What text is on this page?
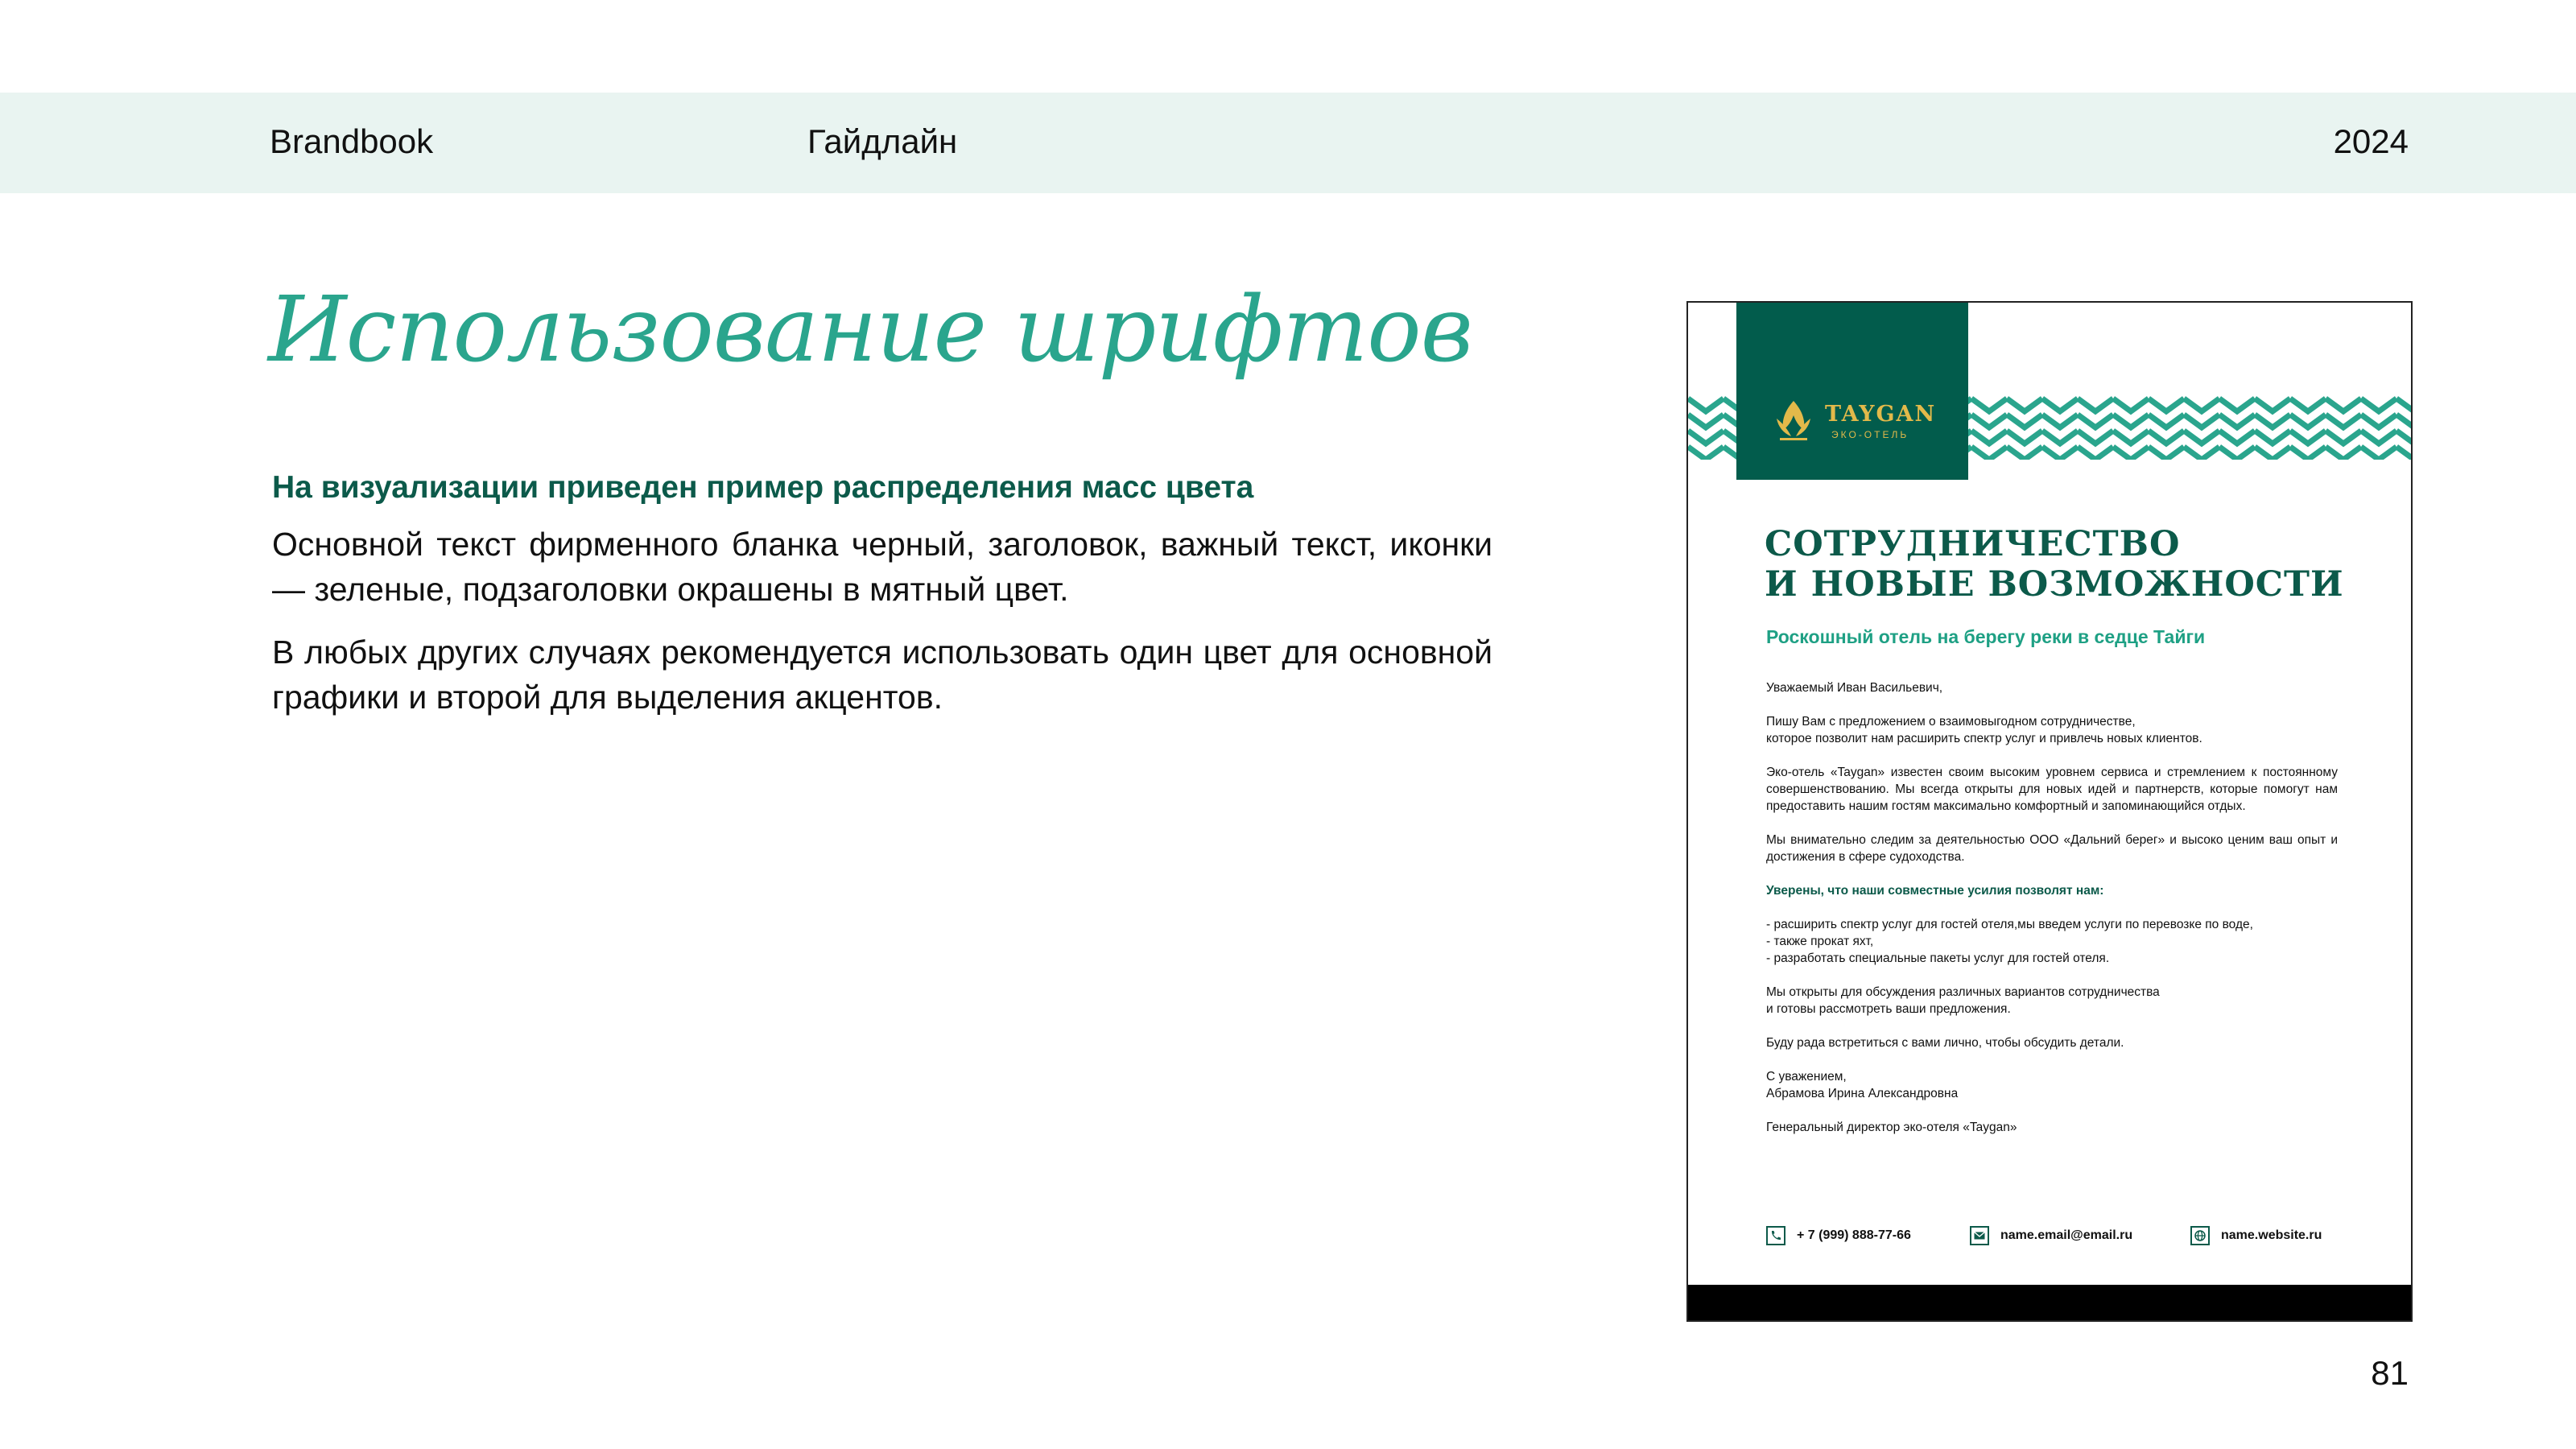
Brandbook	Гайдлайн	2024
Использование шрифтов

На визуализации приведен пример распределения масс цвета

Основной текст фирменного бланка черный, заголовок, важный текст, иконки — зеленые, подзаголовки окрашены в мятный цвет.

В любых других случаях рекомендуется использовать один цвет для основной графики и второй для выделения акцентов.

TAYGAN
ЭКО-ОТЕЛЬ
СОТРУДНИЧЕСТВО
И НОВЫЕ ВОЗМОЖНОСТИ

Роскошный отель на берегу реки в седце Тайги

Уважаемый Иван Васильевич,

Пишу Вам с предложением о взаимовыгодном сотрудничестве,
которое позволит нам расширить спектр услуг и привлечь новых клиентов.

Эко-отель «Taygan» известен своим высоким уровнем сервиса и стремлением к постоянному совершенствованию. Мы всегда открыты для новых идей и партнерств, которые помогут нам предоставить нашим гостям максимально комфортный и запоминающийся отдых.

Мы внимательно следим за деятельностью ООО «Дальний берег» и высоко ценим ваш опыт и достижения в сфере судоходства.

Уверены, что наши совместные усилия позволят нам:

- расширить спектр услуг для гостей отеля,мы введем услуги по перевозке по воде,
- также прокат яхт,
- разработать специальные пакеты услуг для гостей отеля.

Мы открыты для обсуждения различных вариантов сотрудничества
и готовы рассмотреть ваши предложения.

Буду рада встретиться с вами лично, чтобы обсудить детали.

С уважением,
Абрамова Ирина Александровна

Генеральный директор эко-отеля «Taygan»

+ 7 (999) 888-77-66	name.email@email.ru	name.website.ru
81
